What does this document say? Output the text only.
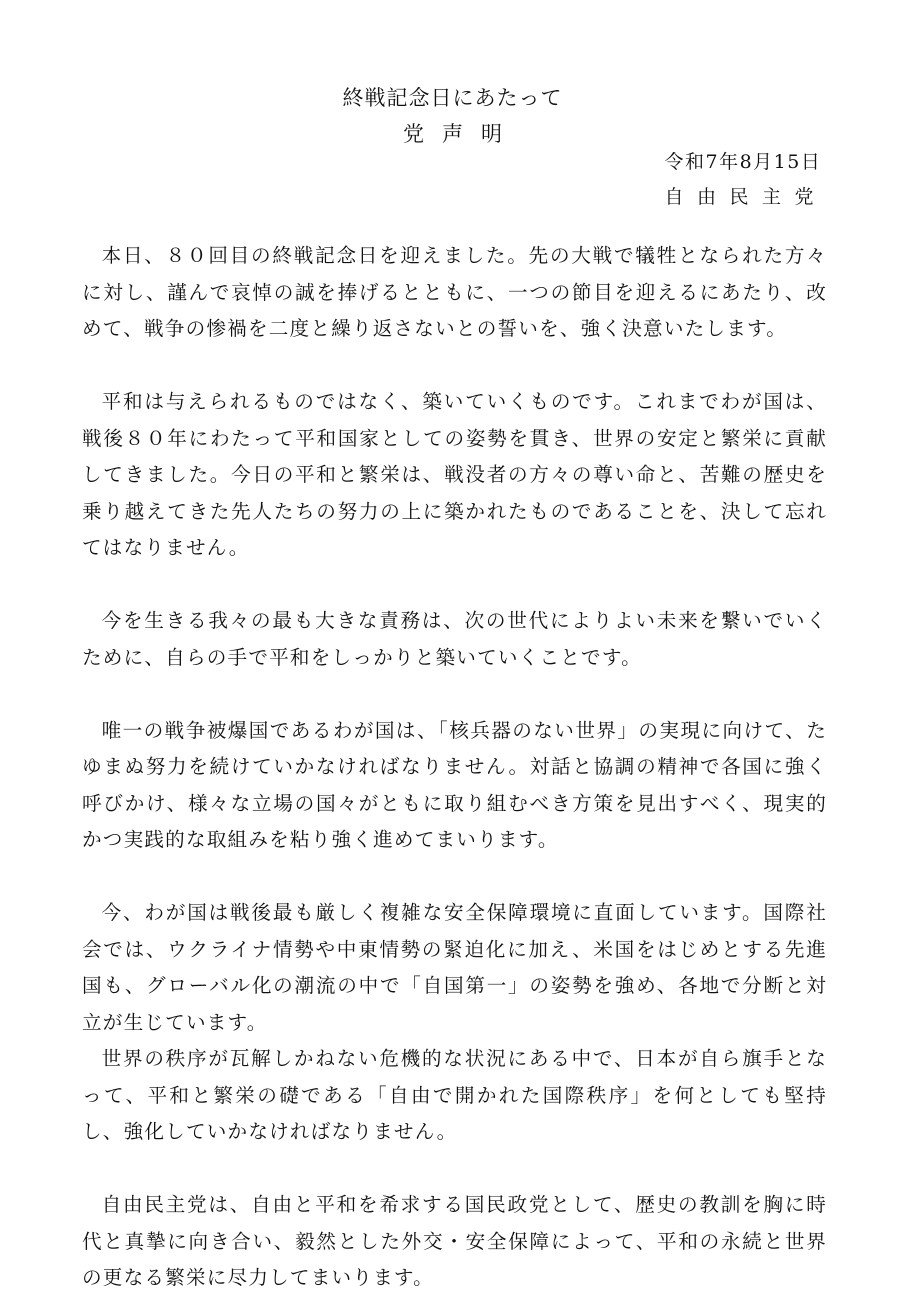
終戦記念日にあたって
党声明
令和7年8月15日
自由民主党

本日、８０回目の終戦記念日を迎えました。先の大戦で犠牲となられた方々に対し、謹んで哀悼の誠を捧げるとともに、一つの節目を迎えるにあたり、改めて、戦争の惨禍を二度と繰り返さないとの誓いを、強く決意いたします。

平和は与えられるものではなく、築いていくものです。これまでわが国は、戦後８０年にわたって平和国家としての姿勢を貫き、世界の安定と繁栄に貢献してきました。今日の平和と繁栄は、戦没者の方々の尊い命と、苦難の歴史を乗り越えてきた先人たちの努力の上に築かれたものであることを、決して忘れてはなりません。

今を生きる我々の最も大きな責務は、次の世代によりよい未来を繋いでいくために、自らの手で平和をしっかりと築いていくことです。

唯一の戦争被爆国であるわが国は、「核兵器のない世界」の実現に向けて、たゆまぬ努力を続けていかなければなりません。対話と協調の精神で各国に強く呼びかけ、様々な立場の国々がともに取り組むべき方策を見出すべく、現実的かつ実践的な取組みを粘り強く進めてまいります。

今、わが国は戦後最も厳しく複雑な安全保障環境に直面しています。国際社会では、ウクライナ情勢や中東情勢の緊迫化に加え、米国をはじめとする先進国も、グローバル化の潮流の中で「自国第一」の姿勢を強め、各地で分断と対立が生じています。

世界の秩序が瓦解しかねない危機的な状況にある中で、日本が自ら旗手となって、平和と繁栄の礎である「自由で開かれた国際秩序」を何としても堅持し、強化していかなければなりません。

自由民主党は、自由と平和を希求する国民政党として、歴史の教訓を胸に時代と真摯に向き合い、毅然とした外交・安全保障によって、平和の永続と世界の更なる繁栄に尽力してまいります。
